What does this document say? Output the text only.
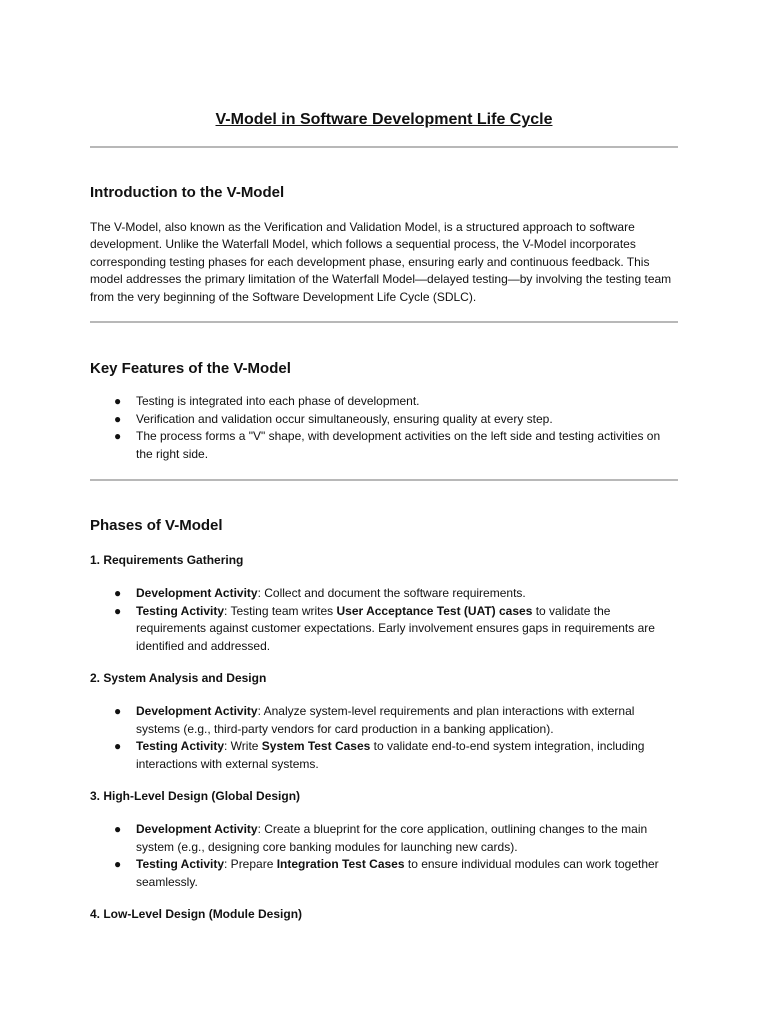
V-Model in Software Development Life Cycle
Introduction to the V-Model

The V-Model, also known as the Verification and Validation Model, is a structured approach to software development. Unlike the Waterfall Model, which follows a sequential process, the V-Model incorporates corresponding testing phases for each development phase, ensuring early and continuous feedback. This model addresses the primary limitation of the Waterfall Model—delayed testing—by involving the testing team from the very beginning of the Software Development Life Cycle (SDLC).

Key Features of the V-Model
● Testing is integrated into each phase of development.
● Verification and validation occur simultaneously, ensuring quality at every step.
● The process forms a "V" shape, with development activities on the left side and testing activities on the right side.
Phases of V-Model
1. Requirements Gathering
● Development Activity: Collect and document the software requirements.
● Testing Activity: Testing team writes User Acceptance Test (UAT) cases to validate the requirements against customer expectations. Early involvement ensures gaps in requirements are identified and addressed.
2. System Analysis and Design
● Development Activity: Analyze system-level requirements and plan interactions with external systems (e.g., third-party vendors for card production in a banking application).
● Testing Activity: Write System Test Cases to validate end-to-end system integration, including interactions with external systems.
3. High-Level Design (Global Design)
● Development Activity: Create a blueprint for the core application, outlining changes to the main system (e.g., designing core banking modules for launching new cards).
● Testing Activity: Prepare Integration Test Cases to ensure individual modules can work together seamlessly.
4. Low-Level Design (Module Design)
